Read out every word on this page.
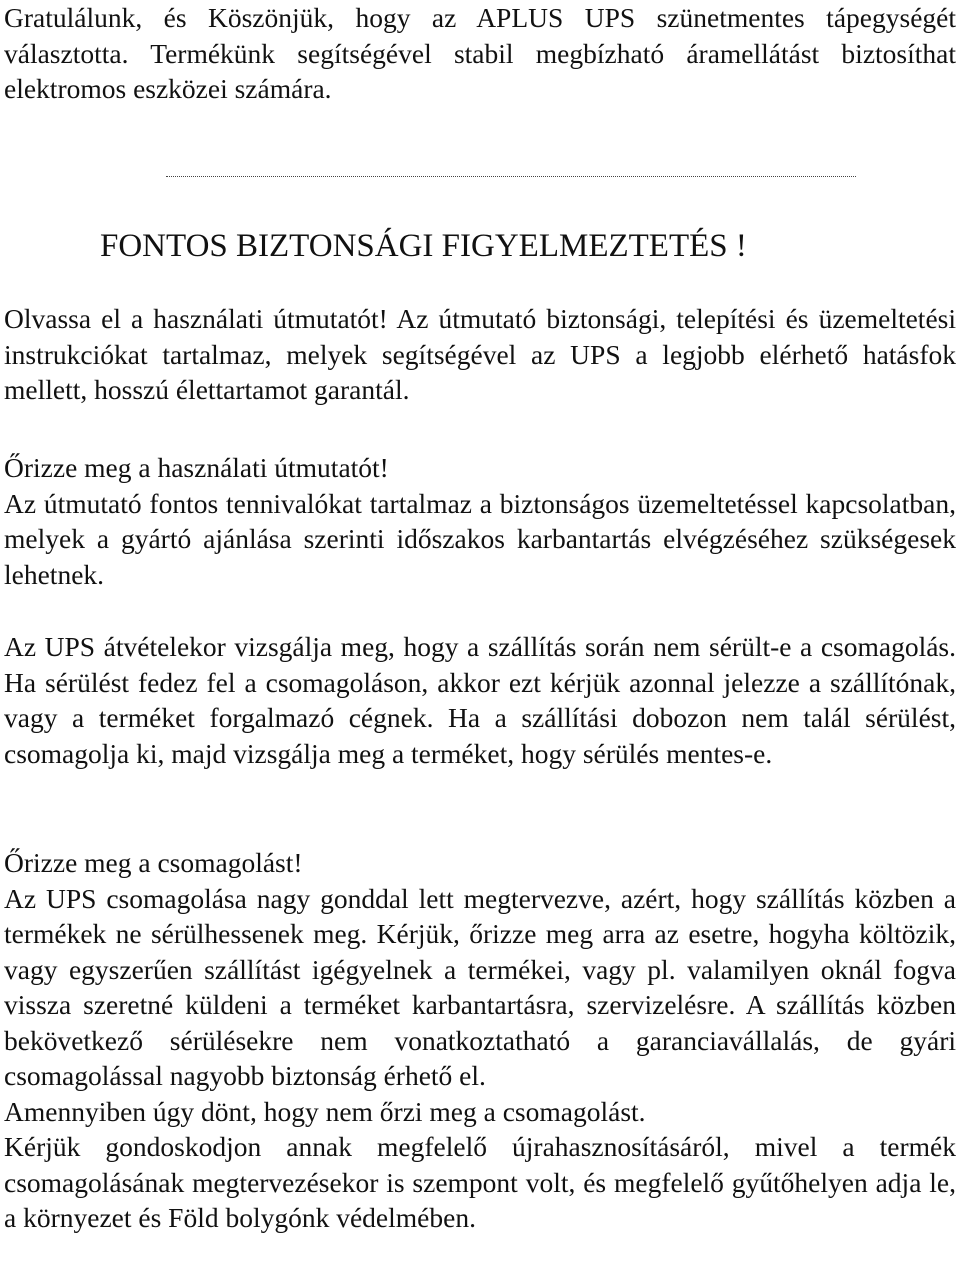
Gratulálunk, és Köszönjük, hogy az APLUS UPS szünetmentes tápegységét választotta. Termékünk segítségével stabil megbízható áramellátást biztosíthat elektromos eszközei számára.

FONTOS BIZTONSÁGI FIGYELMEZTETÉS !

Olvassa el a használati útmutatót! Az útmutató biztonsági, telepítési és üzemeltetési instrukciókat tartalmaz, melyek segítségével az UPS a legjobb elérhető hatásfok mellett, hosszú élettartamot garantál.

Őrizze meg a használati útmutatót!

Az útmutató fontos tennivalókat tartalmaz a biztonságos üzemeltetéssel kapcsolatban, melyek a gyártó ajánlása szerinti időszakos karbantartás elvégzéséhez szükségesek lehetnek.

Az UPS átvételekor vizsgálja meg, hogy a szállítás során nem sérült-e a csomagolás. Ha sérülést fedez fel a csomagoláson, akkor ezt kérjük azonnal jelezze a szállítónak, vagy a terméket forgalmazó cégnek. Ha a szállítási dobozon nem talál sérülést, csomagolja ki, majd vizsgálja meg a terméket, hogy sérülés mentes-e.

Őrizze meg a csomagolást!

Az UPS csomagolása nagy gonddal lett megtervezve, azért, hogy szállítás közben a termékek ne sérülhessenek meg. Kérjük, őrizze meg arra az esetre, hogyha költözik, vagy egyszerűen szállítást igégyelnek a termékei, vagy pl. valamilyen oknál fogva vissza szeretné küldeni a terméket karbantartásra, szervizelésre. A szállítás közben bekövetkező sérülésekre nem vonatkoztatható a garanciavállalás, de gyári csomagolással nagyobb biztonság érhető el.

Amennyiben úgy dönt, hogy nem őrzi meg a csomagolást.

Kérjük gondoskodjon annak megfelelő újrahasznosításáról, mivel a termék csomagolásának megtervezésekor is szempont volt, és megfelelő gyűtőhelyen adja le, a környezet és Föld bolygónk védelmében.
